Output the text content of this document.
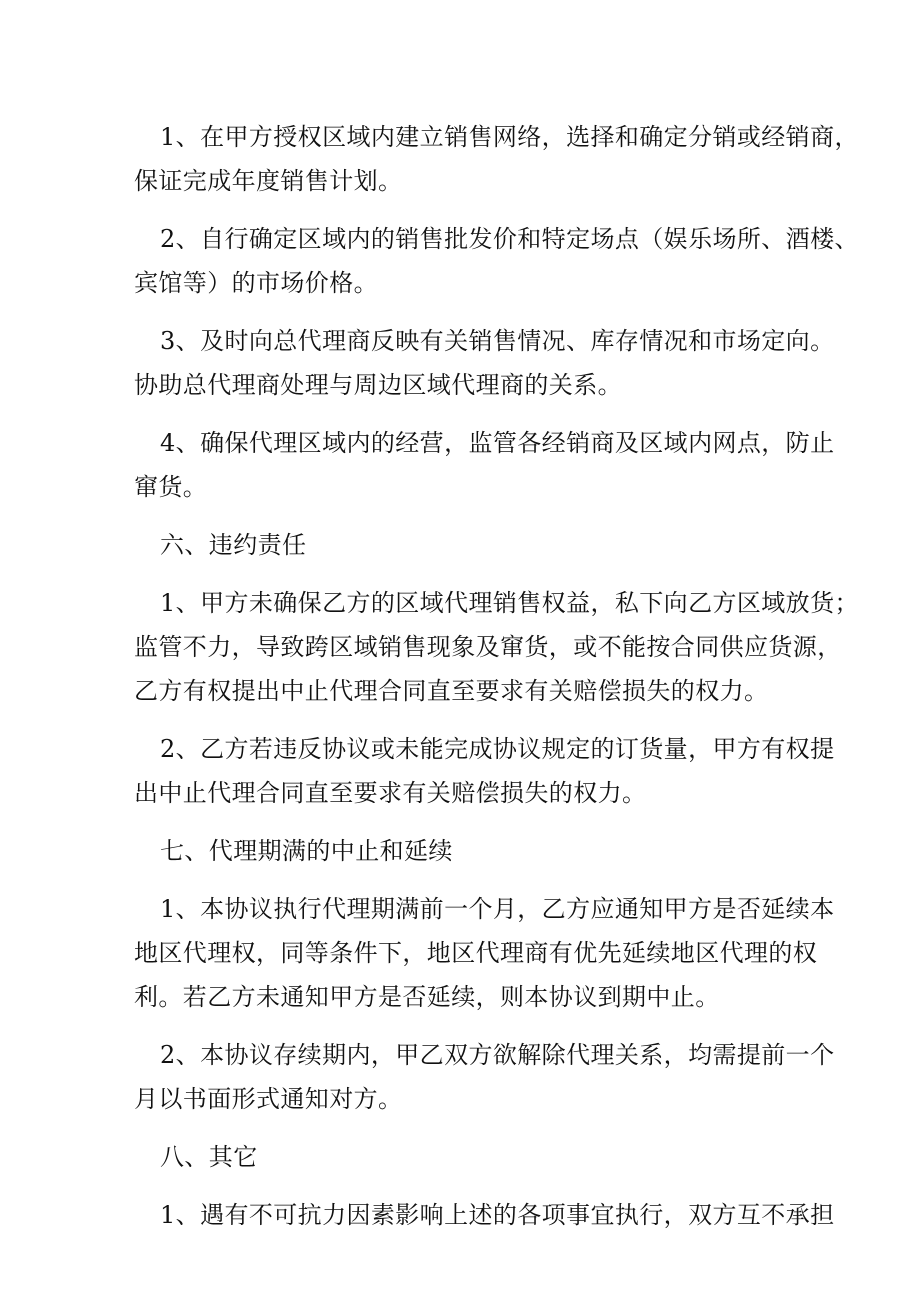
1、在甲方授权区域内建立销售网络，选择和确定分销或经销商，
保证完成年度销售计划。
2、自行确定区域内的销售批发价和特定场点（娱乐场所、酒楼、
宾馆等）的市场价格。
3、及时向总代理商反映有关销售情况、库存情况和市场定向。
协助总代理商处理与周边区域代理商的关系。
4、确保代理区域内的经营，监管各经销商及区域内网点，防止
窜货。
六、违约责任
1、甲方未确保乙方的区域代理销售权益，私下向乙方区域放货；
监管不力，导致跨区域销售现象及窜货，或不能按合同供应货源，
乙方有权提出中止代理合同直至要求有关赔偿损失的权力。
2、乙方若违反协议或未能完成协议规定的订货量，甲方有权提
出中止代理合同直至要求有关赔偿损失的权力。
七、代理期满的中止和延续
1、本协议执行代理期满前一个月，乙方应通知甲方是否延续本
地区代理权，同等条件下，地区代理商有优先延续地区代理的权
利。若乙方未通知甲方是否延续，则本协议到期中止。
2、本协议存续期内，甲乙双方欲解除代理关系，均需提前一个
月以书面形式通知对方。
八、其它
1、遇有不可抗力因素影响上述的各项事宜执行，双方互不承担
